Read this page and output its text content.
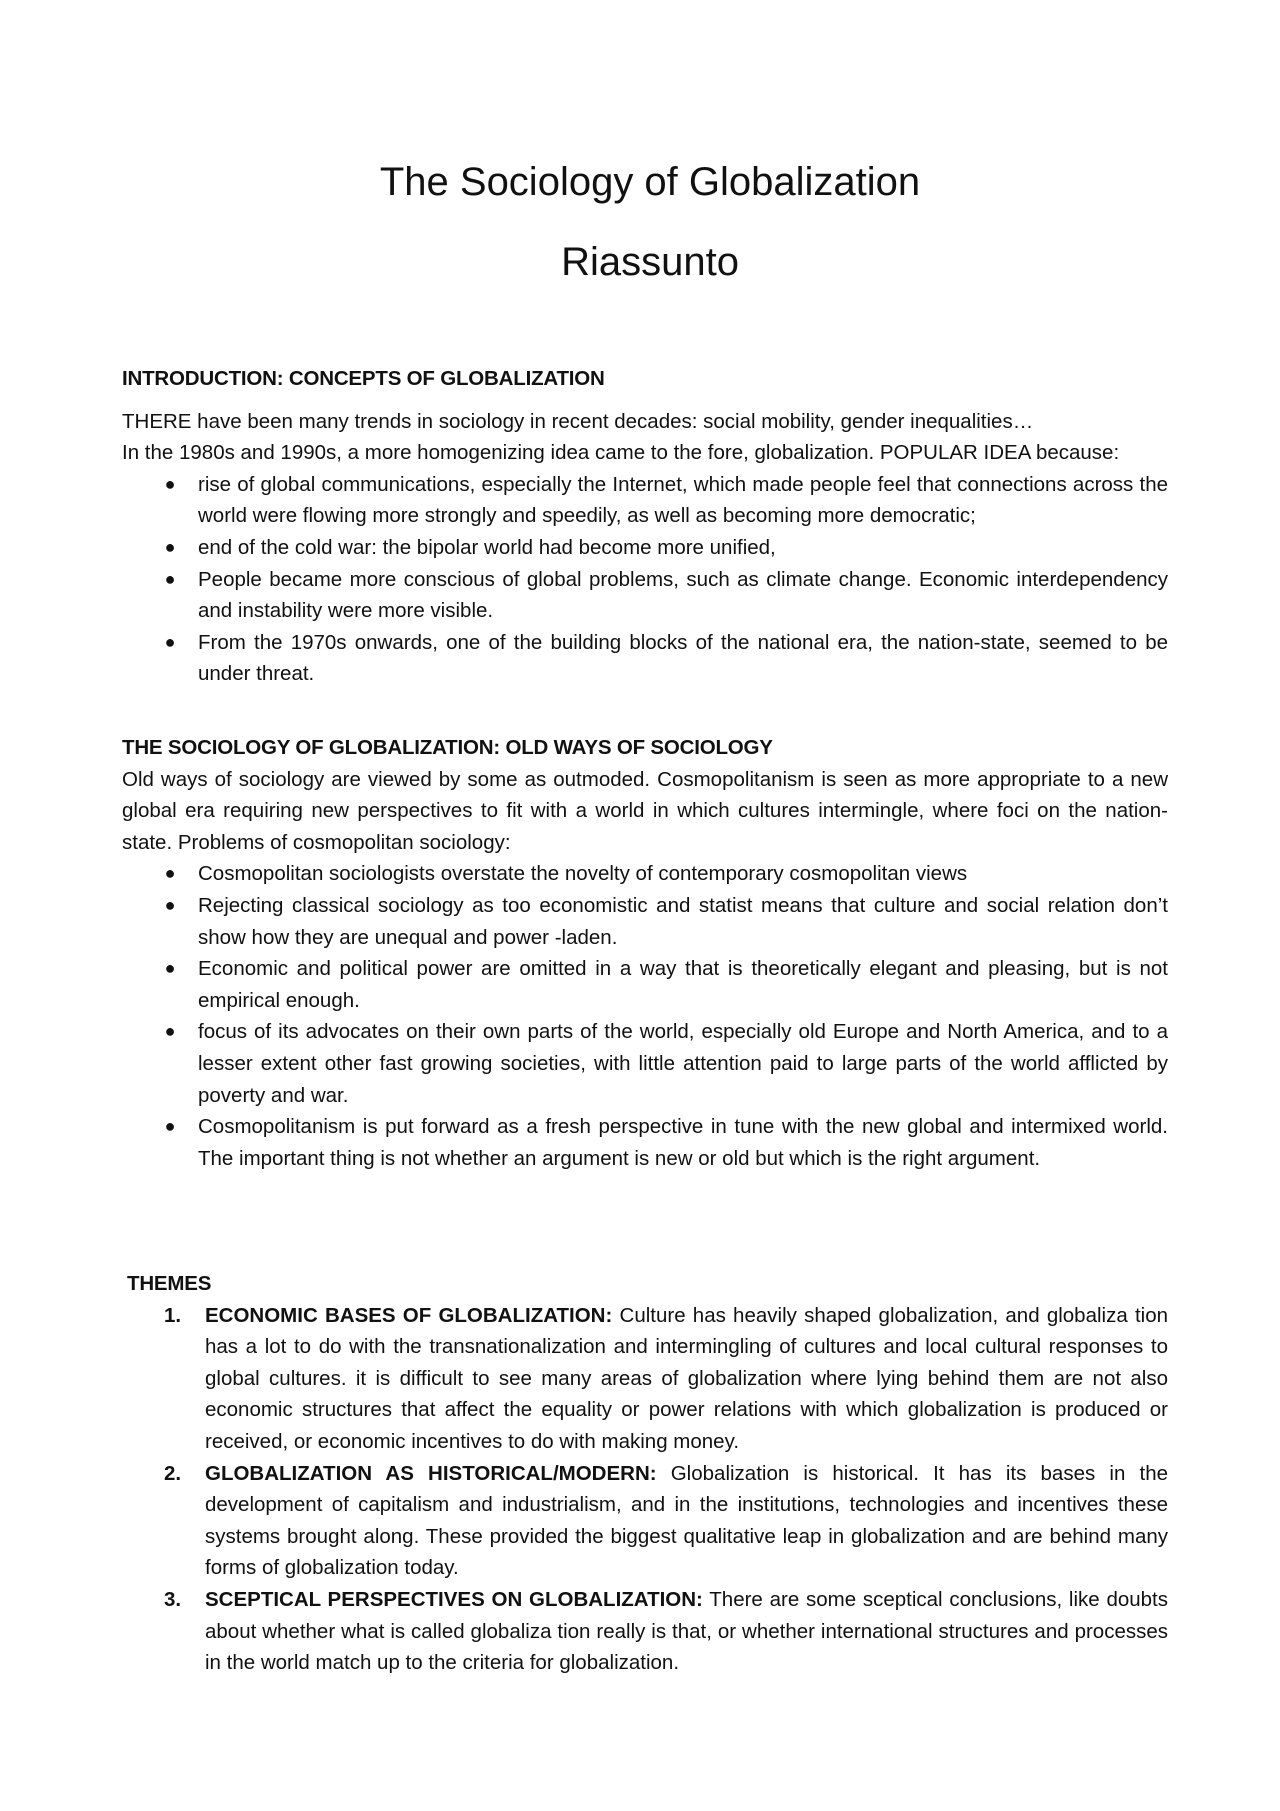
The Sociology of Globalization
Riassunto

INTRODUCTION: CONCEPTS OF GLOBALIZATION

THERE have been many trends in sociology in recent decades: social mobility, gender inequalities…

In the 1980s and 1990s, a more homogenizing idea came to the fore, globalization. POPULAR IDEA because:

● rise of global communications, especially the Internet, which made people feel that connections across the world were flowing more strongly and speedily, as well as becoming more democratic;
● end of the cold war: the bipolar world had become more unified,
● People became more conscious of global problems, such as climate change. Economic interdependency and instability were more visible.
● From the 1970s onwards, one of the building blocks of the national era, the nation-state, seemed to be under threat.

THE SOCIOLOGY OF GLOBALIZATION: OLD WAYS OF SOCIOLOGY

Old ways of sociology are viewed by some as outmoded. Cosmopolitanism is seen as more appropriate to a new global era requiring new perspectives to fit with a world in which cultures intermingle, where foci on the nation-state. Problems of cosmopolitan sociology:

● Cosmopolitan sociologists overstate the novelty of contemporary cosmopolitan views
● Rejecting classical sociology as too economistic and statist means that culture and social relation don’t show how they are unequal and power -laden.
● Economic and political power are omitted in a way that is theoretically elegant and pleasing, but is not empirical enough.
● focus of its advocates on their own parts of the world, especially old Europe and North America, and to a lesser extent other fast growing societies, with little attention paid to large parts of the world afflicted by poverty and war.
● Cosmopolitanism is put forward as a fresh perspective in tune with the new global and intermixed world. The important thing is not whether an argument is new or old but which is the right argument.

THEMES

1. ECONOMIC BASES OF GLOBALIZATION: Culture has heavily shaped globalization, and globaliza tion has a lot to do with the transnationalization and intermingling of cultures and local cultural responses to global cultures. it is difficult to see many areas of globalization where lying behind them are not also economic structures that affect the equality or power relations with which globalization is produced or received, or economic incentives to do with making money.
2. GLOBALIZATION AS HISTORICAL/MODERN: Globalization is historical. It has its bases in the development of capitalism and industrialism, and in the institutions, technologies and incentives these systems brought along. These provided the biggest qualitative leap in globalization and are behind many forms of globalization today.
3. SCEPTICAL PERSPECTIVES ON GLOBALIZATION: There are some sceptical conclusions, like doubts about whether what is called globaliza tion really is that, or whether international structures and processes in the world match up to the criteria for globalization.
